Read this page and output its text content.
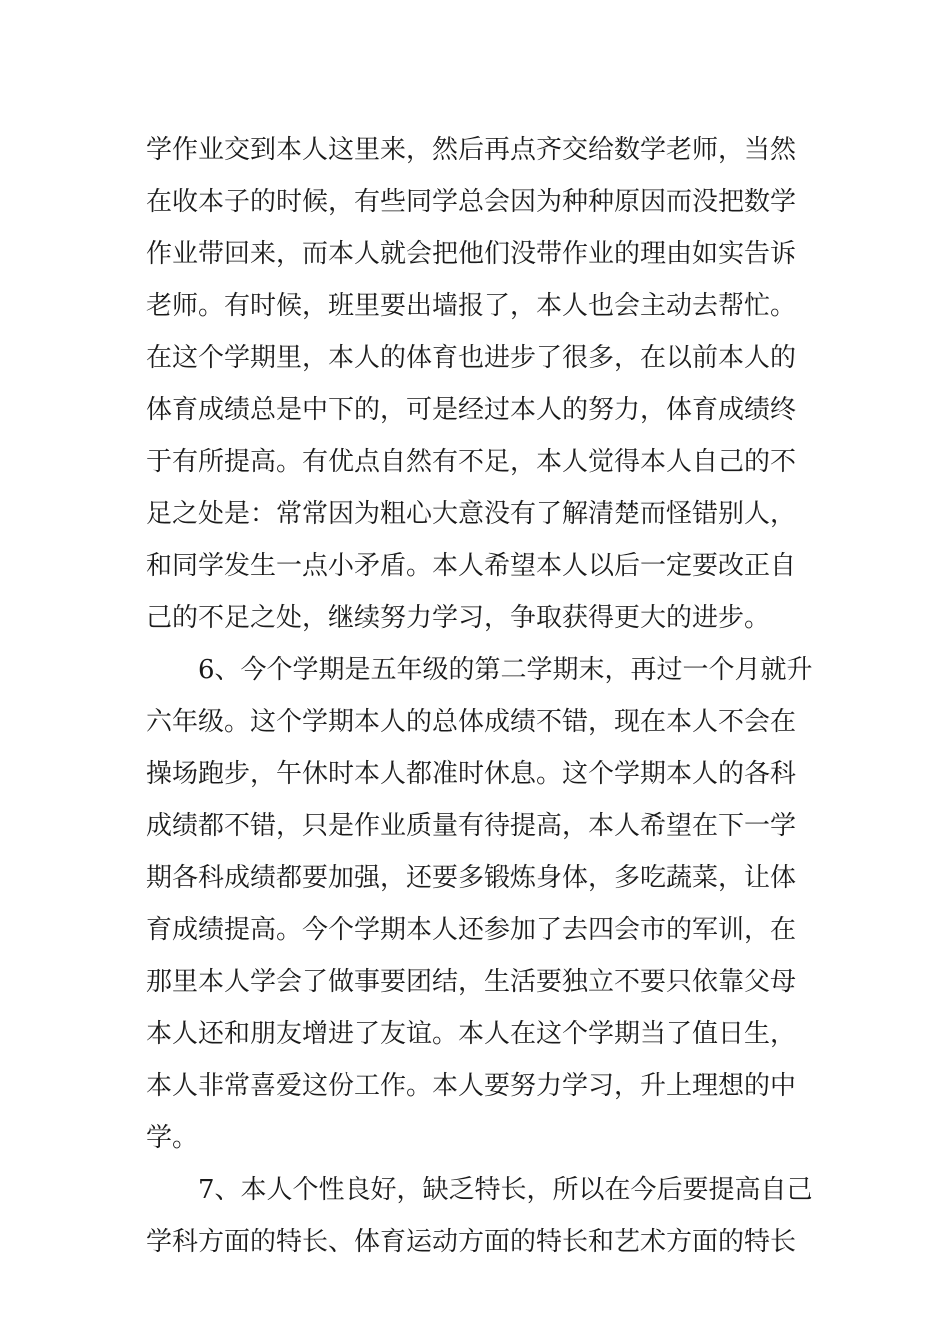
学作业交到本人这里来，然后再点齐交给数学老师，当然
在收本子的时候，有些同学总会因为种种原因而没把数学
作业带回来，而本人就会把他们没带作业的理由如实告诉
老师。有时候，班里要出墙报了，本人也会主动去帮忙。
在这个学期里，本人的体育也进步了很多，在以前本人的
体育成绩总是中下的，可是经过本人的努力，体育成绩终
于有所提高。有优点自然有不足，本人觉得本人自己的不
足之处是：常常因为粗心大意没有了解清楚而怪错别人，
和同学发生一点小矛盾。本人希望本人以后一定要改正自
己的不足之处，继续努力学习，争取获得更大的进步。
6、今个学期是五年级的第二学期末，再过一个月就升
六年级。这个学期本人的总体成绩不错，现在本人不会在
操场跑步，午休时本人都准时休息。这个学期本人的各科
成绩都不错，只是作业质量有待提高，本人希望在下一学
期各科成绩都要加强，还要多锻炼身体，多吃蔬菜，让体
育成绩提高。今个学期本人还参加了去四会市的军训，在
那里本人学会了做事要团结，生活要独立不要只依靠父母
本人还和朋友增进了友谊。本人在这个学期当了值日生，
本人非常喜爱这份工作。本人要努力学习，升上理想的中
学。
7、本人个性良好，缺乏特长，所以在今后要提高自己
学科方面的特长、体育运动方面的特长和艺术方面的特长
